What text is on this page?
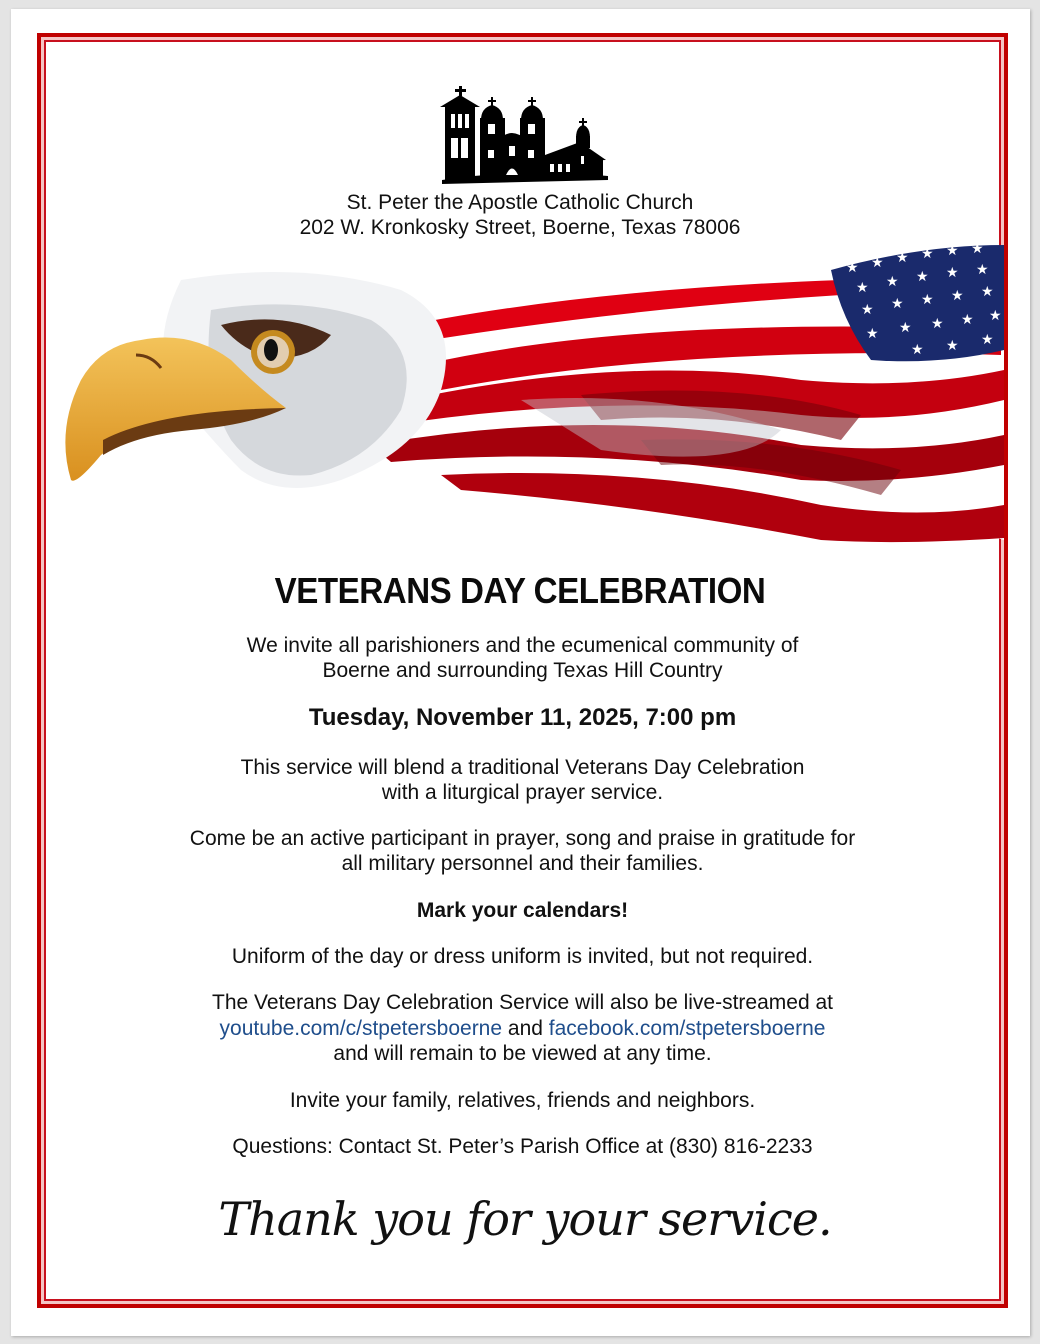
St. Peter the Apostle Catholic Church
202 W. Kronkosky Street, Boerne, Texas 78006
★ ★ ★ ★ ★ ★
★ ★ ★ ★ ★
★ ★ ★ ★ ★
★ ★ ★ ★ ★
★ ★ ★
VETERANS DAY CELEBRATION
We invite all parishioners and the ecumenical community of
Boerne and surrounding Texas Hill Country
Tuesday, November 11, 2025, 7:00 pm
This service will blend a traditional Veterans Day Celebration
with a liturgical prayer service.
Come be an active participant in prayer, song and praise in gratitude for
all military personnel and their families.
Mark your calendars!
Uniform of the day or dress uniform is invited, but not required.
The Veterans Day Celebration Service will also be live-streamed at
youtube.com/c/stpetersboerne and facebook.com/stpetersboerne
and will remain to be viewed at any time.
Invite your family, relatives, friends and neighbors.
Questions: Contact St. Peter’s Parish Office at (830) 816-2233
Thank you for your service.
